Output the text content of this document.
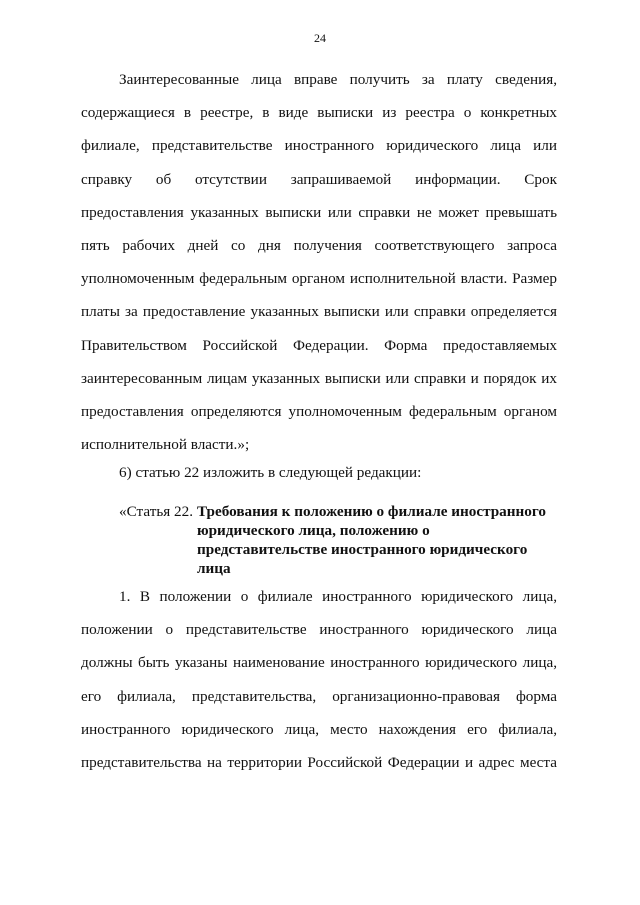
24
Заинтересованные лица вправе получить за плату сведения,
содержащиеся в реестре, в виде выписки из реестра о конкретных
филиале, представительстве иностранного юридического лица или
справку об отсутствии запрашиваемой информации. Срок
предоставления указанных выписки или справки не может превышать
пять рабочих дней со дня получения соответствующего запроса
уполномоченным федеральным органом исполнительной власти. Размер
платы за предоставление указанных выписки или справки определяется
Правительством Российской Федерации. Форма предоставляемых
заинтересованным лицам указанных выписки или справки и порядок их
предоставления определяются уполномоченным федеральным органом
исполнительной власти.»;
6) статью 22 изложить в следующей редакции:
«Статья 22. Требования к положению о филиале иностранного
юридического лица, положению о
представительстве иностранного юридического
лица
1. В положении о филиале иностранного юридического лица,
положении о представительстве иностранного юридического лица
должны быть указаны наименование иностранного юридического лица,
его филиала, представительства, организационно-правовая форма
иностранного юридического лица, место нахождения его филиала,
представительства на территории Российской Федерации и адрес места
